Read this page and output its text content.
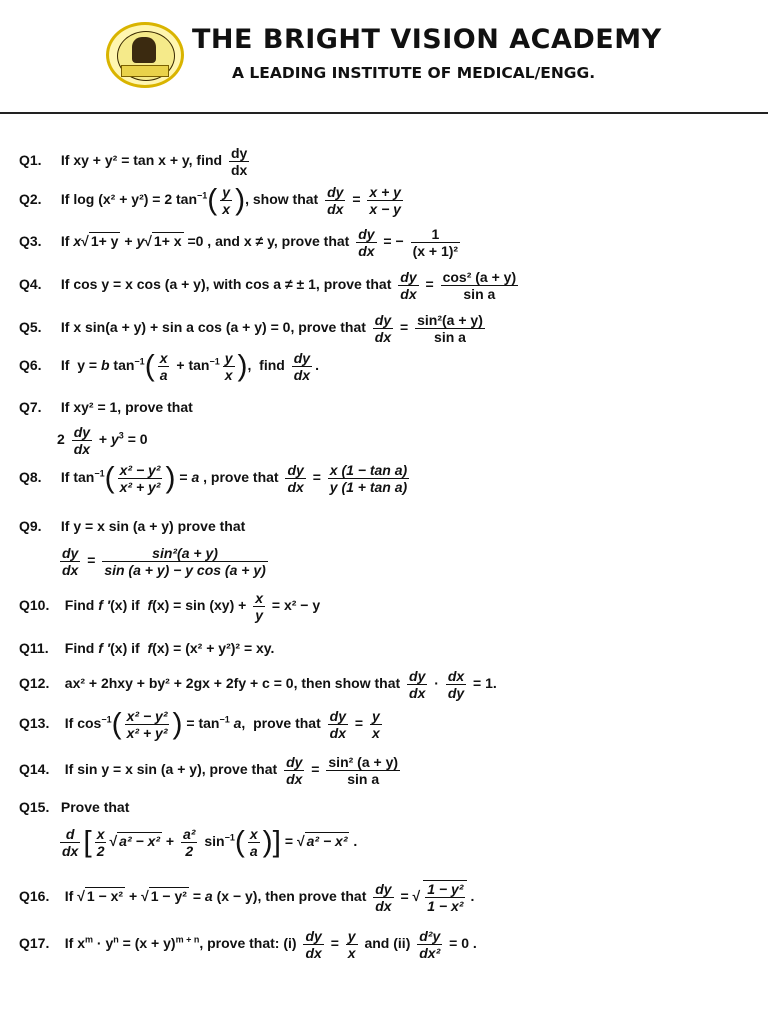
THE BRIGHT VISION ACADEMY
A LEADING INSTITUTE OF MEDICAL/ENGG.
Q1. If xy + y² = tan x + y, find $\frac{dy}{dx}$
Q2. If log (x² + y²) = 2 $\tan^{-1}( \frac{y}{x}$ ), show that $\frac{dy}{dx} = \frac{x + y}{x - y}$
Q3. If x√ 1+ y + y√ 1+ x =0 , and x ≠ y, prove that $\frac{dy}{dx}$ = − $\frac{1}{\text{(x + 1)²}}$
Q4. If cos y = x cos (a + y), with cos a ≠ ± 1, prove that $\frac{dy}{dx} = \frac{\text{cos² (a + y)}}{\text{sin a}}$
Q5. If x sin(a + y) + sin a cos (a + y) = 0, prove that $\frac{dy}{dx} = \frac{\text{sin²(a + y)}}{\text{sin a}}$
Q6. If  y = b $\tan^{-1}( \frac{x}{a} + \tan^{-1} \frac{y}{x}$ ),  find $\frac{dy}{dx}$ .
Q7. If xy² = 1, prove that
$2 \frac{dy}{dx} + y^3 = 0$
Q8. If $\tan^{-1}( \frac{\text{x² − y²}}{\text{x² + y²}}$ ) = a , prove that $\frac{dy}{dx} = \frac{\text{x (1 − tan a)}}{\text{y (1 + tan a)}}$
Q9. If y = x sin (a + y) prove that
$\frac{dy}{dx} = \frac{\text{sin²(a + y)}}{\text{sin (a + y) − y cos (a + y)}}$
Q10.  Find f ′(x) if  $f(x) = \sin (xy) + \frac{x}{y} = x^2 - y$
Q11.  Find f ′(x) if  f(x) = (x² + y²)² = xy.
Q12.  ax² + 2hxy + by² + 2gx + 2fy + c = 0, then show that $\frac{dy}{dx} \cdot \frac{dx}{dy} = 1$.
Q13.  If $\cos^{-1}( \frac{\text{x² − y²}}{\text{x² + y²}}$ ) = $\tan^{-1} a$,  prove that $\frac{dy}{dx} = \frac{y}{x}$
Q14.  If sin y = x sin (a + y), prove that $\frac{dy}{dx} = \frac{\text{sin² (a + y)}}{\text{sin a}}$
Q15. Prove that
$\frac{d}{dx}$ [ $\frac{x}{2}$ √ $a^2 - x^2 + \frac{\text{a²}}{2} \sin^{-1}( \frac{x}{a}$ )] = √ a² − x² .
Q16.  If √ 1 − x² + √ 1 − y² = a (x − y), then prove that $\frac{dy}{dx}$ = √ $\frac{\text{1 − y²}}{\text{1 − x²}}$ .
Q17.  If $x^m \cdot y^n = (x + y)^{m + n}$, prove that: $(i) \frac{dy}{dx} = \frac{y}{x}$ and $(ii) \frac{\text{d²y}}{\text{dx²}} = 0$ .
